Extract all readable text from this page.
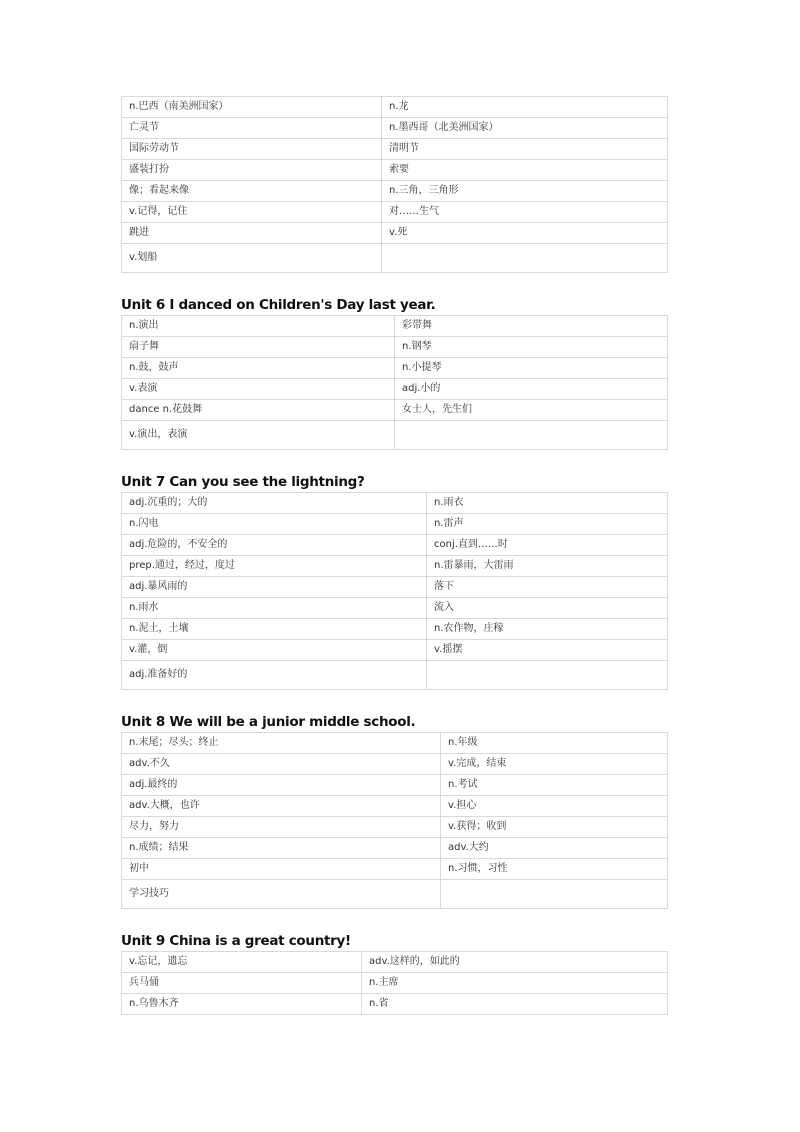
n.巴西（南美洲国家）	n.龙
亡灵节	n.墨西哥（北美洲国家）
国际劳动节	清明节
盛装打扮	索要
像；看起来像	n.三角，三角形
v.记得，记住	对……生气
跳进	v.死
v.划船	
Unit 6 I danced on Children's Day last year.
n.演出	彩带舞
扇子舞	n.钢琴
n.鼓，鼓声	n.小提琴
v.表演	adj.小的
dance n.花鼓舞	女士人，先生们
v.演出，表演	
Unit 7 Can you see the lightning?
adj.沉重的；大的	n.雨衣
n.闪电	n.雷声
adj.危险的，不安全的	conj.直到……时
prep.通过，经过，度过	n.雷暴雨，大雷雨
adj.暴风雨的	落下
n.雨水	流入
n.泥土，土壤	n.农作物，庄稼
v.灌，倒	v.摇摆
adj.准备好的	
Unit 8 We will be a junior middle school.
n.末尾；尽头；终止	n.年级
adv.不久	v.完成，结束
adj.最终的	n.考试
adv.大概，也许	v.担心
尽力，努力	v.获得；收到
n.成绩；结果	adv.大约
初中	n.习惯，习性
学习技巧	
Unit 9 China is a great country!
v.忘记，遗忘	adv.这样的，如此的
兵马俑	n.主席
n.乌鲁木齐	n.省
